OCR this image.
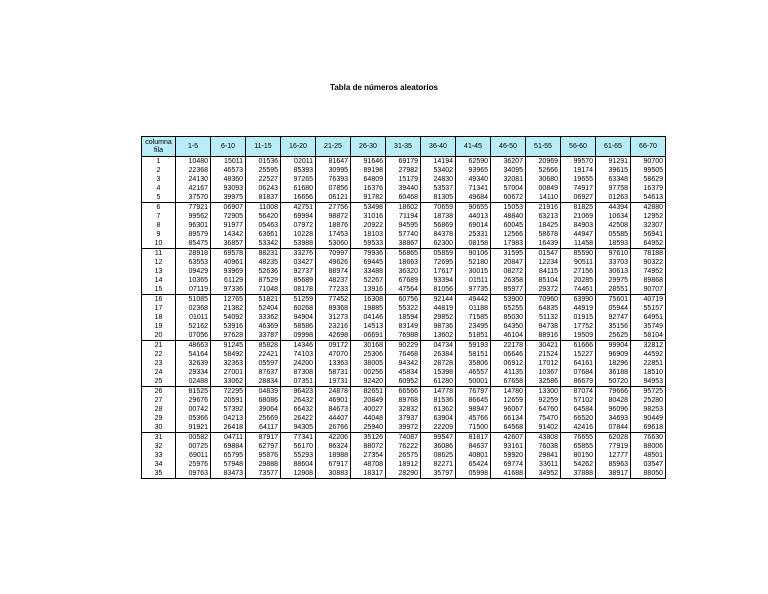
Tabla de números aleatorios
columna
fila	1-5	6-10	11-15	16-20	21-25	26-30	31-35	36-40	41-45	46-50	51-55	56-60	61-65	66-70
1	10480	15011	01536	02011	81647	91646	69179	14194	62590	36207	20969	99570	91291	90700
2	22368	46573	25595	85393	30995	89198	27982	53402	93965	34095	52666	19174	39615	99505
3	24130	48360	22527	97265	76393	64809	15179	24830	49340	32081	30680	19655	63348	58629
4	42167	93093	06243	61680	07856	16376	39440	53537	71341	57004	00849	74917	97758	16379
5	37570	39975	81837	16656	06121	91782	60468	81305	49684	60672	14110	06927	01263	54613
6	77921	06907	11008	42751	27756	53498	18602	70659	90655	15053	21916	81825	44394	42880
7	99562	72905	56420	69994	98872	31016	71194	18738	44013	48840	63213	21069	10634	12952
8	96301	91977	05463	07972	18876	20922	94595	56869	69014	60045	18425	84903	42508	32307
9	89579	14342	63661	10228	17453	18103	57740	84378	25331	12566	58678	44947	05585	56941
10	85475	36857	53342	53988	53060	59533	38867	62300	08158	17983	16439	11458	18593	64952
11	28918	69578	88231	33276	70997	79936	56865	05859	90106	31595	01547	85590	97610	78188
12	63553	40961	48235	03427	49626	69445	18663	72695	52180	20847	12234	90511	33703	90322
13	09429	93969	52636	92737	88974	33488	36320	17617	30015	08272	84115	27156	30613	74952
14	10365	61129	87529	85689	48237	52267	67689	93394	01511	26358	85104	20285	29975	89868
15	07119	97336	71048	08178	77233	13916	47564	81056	97735	85977	29372	74461	28551	90707
16	51085	12765	51821	51259	77452	16308	60756	92144	49442	53900	70960	63990	75601	40719
17	02368	21382	52404	60268	89368	19885	55322	44819	01188	65255	64835	44919	05944	55157
18	01011	54092	33362	94904	31273	04146	18594	29852	71585	85030	51132	01915	92747	64951
19	52162	53916	46369	58586	23216	14513	83149	98736	23495	64350	94738	17752	35156	35749
20	07056	97628	33787	09998	42698	06691	76988	13602	51851	46104	88916	19509	25625	58104
21	48663	91245	85828	14346	09172	30168	90229	04734	59193	22178	30421	61666	99904	32812
22	54164	58492	22421	74103	47070	25306	76468	26384	58151	06646	21524	15227	96909	44592
23	32639	32363	05597	24200	13363	38005	94342	28728	35806	06912	17012	64161	18296	22851
24	29334	27001	87637	87308	58731	00256	45834	15398	46557	41135	10367	07684	36188	18510
25	02488	33062	28834	07351	19731	92420	60952	61280	50001	67658	32586	86679	50720	94953
26	81525	72295	04839	96423	24878	82651	66566	14778	76797	14780	13300	87074	79666	95725
27	29676	20591	68086	26432	46901	20849	89768	81536	86645	12659	92259	57102	80428	25280
28	00742	57392	39064	66432	84673	40027	32832	61362	98947	96067	64760	64584	96096	98253
29	05366	04213	25669	26422	44407	44048	37937	63904	45766	66134	75470	66520	34693	90449
30	91921	26418	64117	94305	26766	25940	39972	22209	71500	64568	91402	42416	07844	69618
31	00582	04711	87917	77341	42206	35126	74087	99547	81817	42607	43808	76655	62028	76630
32	00725	69884	62797	56170	86324	88072	76222	36086	84637	93161	76038	65855	77919	88006
33	69011	65795	95876	55293	18988	27354	26575	08625	40801	59920	29841	80150	12777	48501
34	25976	57948	29888	88604	67917	48708	18912	82271	65424	69774	33611	54262	85963	03547
35	09763	83473	73577	12908	30883	18317	28290	35797	05998	41688	34952	37888	38917	88050
